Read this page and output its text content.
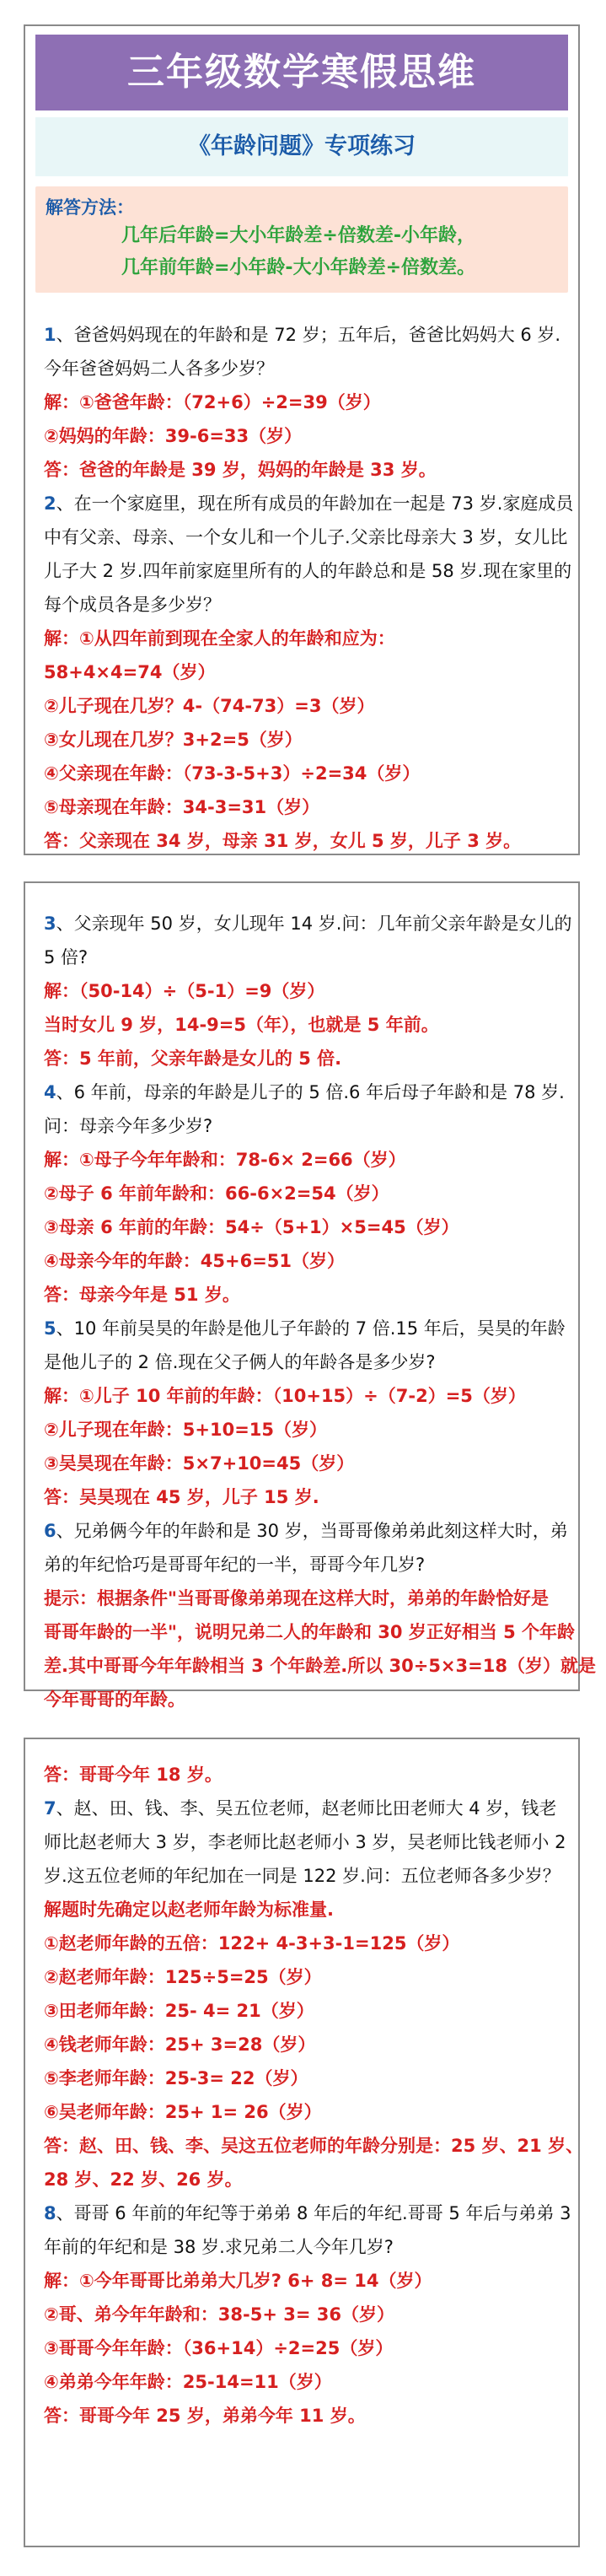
三年级数学寒假思维
《年龄问题》专项练习
解答方法：
几年后年龄=大小年龄差÷倍数差-小年龄，
几年前年龄=小年龄-大小年龄差÷倍数差。
1、爸爸妈妈现在的年龄和是 72 岁；五年后，爸爸比妈妈大 6 岁.
今年爸爸妈妈二人各多少岁？
解：①爸爸年龄：（72+6）÷2=39（岁）
②妈妈的年龄：39-6=33（岁）
答：爸爸的年龄是 39 岁，妈妈的年龄是 33 岁。
2、在一个家庭里，现在所有成员的年龄加在一起是 73 岁.家庭成员
中有父亲、母亲、一个女儿和一个儿子.父亲比母亲大 3 岁，女儿比
儿子大 2 岁.四年前家庭里所有的人的年龄总和是 58 岁.现在家里的
每个成员各是多少岁？
解：①从四年前到现在全家人的年龄和应为：
58+4×4=74（岁）
②儿子现在几岁？4-（74-73）=3（岁）
③女儿现在几岁？3+2=5（岁）
④父亲现在年龄：（73-3-5+3）÷2=34（岁）
⑤母亲现在年龄：34-3=31（岁）
答：父亲现在 34 岁，母亲 31 岁，女儿 5 岁，儿子 3 岁。
3、父亲现年 50 岁，女儿现年 14 岁.问：几年前父亲年龄是女儿的
5 倍?
解：（50-14）÷（5-1）=9（岁）
当时女儿 9 岁，14-9=5（年），也就是 5 年前。
答：5 年前，父亲年龄是女儿的 5 倍.
4、6 年前，母亲的年龄是儿子的 5 倍.6 年后母子年龄和是 78 岁.
问：母亲今年多少岁?
解：①母子今年年龄和：78-6× 2=66（岁）
②母子 6 年前年龄和：66-6×2=54（岁）
③母亲 6 年前的年龄：54÷（5+1）×5=45（岁）
④母亲今年的年龄：45+6=51（岁）
答：母亲今年是 51 岁。
5、10 年前吴昊的年龄是他儿子年龄的 7 倍.15 年后，吴昊的年龄
是他儿子的 2 倍.现在父子俩人的年龄各是多少岁?
解：①儿子 10 年前的年龄：（10+15）÷（7-2）=5（岁）
②儿子现在年龄：5+10=15（岁）
③吴昊现在年龄：5×7+10=45（岁）
答：吴昊现在 45 岁，儿子 15 岁.
6、兄弟俩今年的年龄和是 30 岁，当哥哥像弟弟此刻这样大时，弟
弟的年纪恰巧是哥哥年纪的一半，哥哥今年几岁?
提示：根据条件"当哥哥像弟弟现在这样大时，弟弟的年龄恰好是
哥哥年龄的一半"，说明兄弟二人的年龄和 30 岁正好相当 5 个年龄
差.其中哥哥今年年龄相当 3 个年龄差.所以 30÷5×3=18（岁）就是
今年哥哥的年龄。
答：哥哥今年 18 岁。
7、赵、田、钱、李、吴五位老师，赵老师比田老师大 4 岁，钱老
师比赵老师大 3 岁，李老师比赵老师小 3 岁，吴老师比钱老师小 2
岁.这五位老师的年纪加在一同是 122 岁.问：五位老师各多少岁？
解题时先确定以赵老师年龄为标准量.
①赵老师年龄的五倍：122+ 4-3+3-1=125（岁）
②赵老师年龄：125÷5=25（岁）
③田老师年龄：25- 4= 21（岁）
④钱老师年龄：25+ 3=28（岁）
⑤李老师年龄：25-3= 22（岁）
⑥吴老师年龄：25+ 1= 26（岁）
答：赵、田、钱、李、吴这五位老师的年龄分别是：25 岁、21 岁、
28 岁、22 岁、26 岁。
8、哥哥 6 年前的年纪等于弟弟 8 年后的年纪.哥哥 5 年后与弟弟 3
年前的年纪和是 38 岁.求兄弟二人今年几岁?
解：①今年哥哥比弟弟大几岁? 6+ 8= 14（岁）
②哥、弟今年年龄和：38-5+ 3= 36（岁）
③哥哥今年年龄：（36+14）÷2=25（岁）
④弟弟今年年龄：25-14=11（岁）
答：哥哥今年 25 岁，弟弟今年 11 岁。
